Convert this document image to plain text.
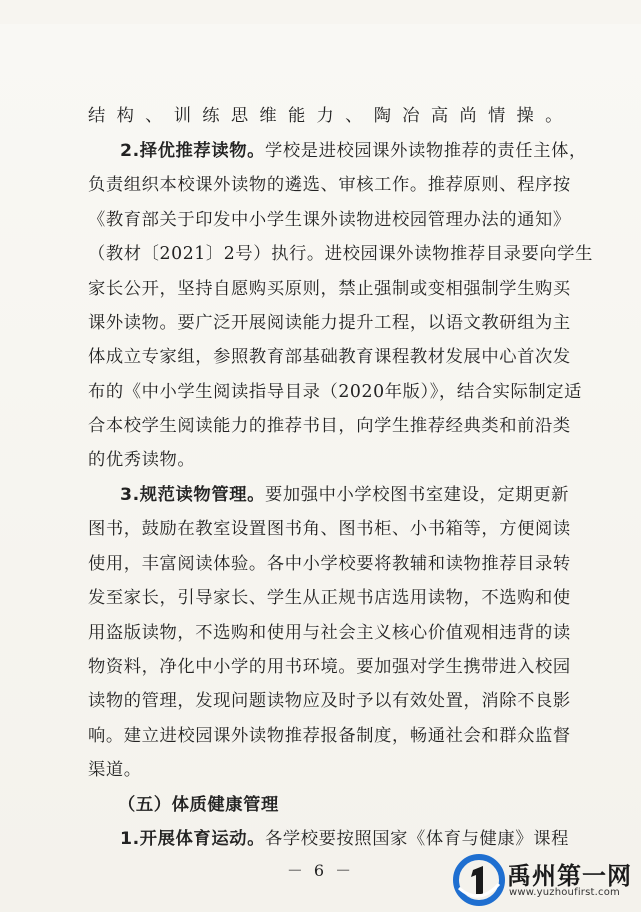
结构、训练思维能力、陶冶高尚情操。
2.择优推荐读物。学校是进校园课外读物推荐的责任主体，
负责组织本校课外读物的遴选、审核工作。推荐原则、程序按
《教育部关于印发中小学生课外读物进校园管理办法的通知》
（教材〔2021〕2号）执行。进校园课外读物推荐目录要向学生
家长公开，坚持自愿购买原则，禁止强制或变相强制学生购买
课外读物。要广泛开展阅读能力提升工程，以语文教研组为主
体成立专家组，参照教育部基础教育课程教材发展中心首次发
布的《中小学生阅读指导目录（2020年版）》，结合实际制定适
合本校学生阅读能力的推荐书目，向学生推荐经典类和前沿类
的优秀读物。
3.规范读物管理。要加强中小学校图书室建设，定期更新
图书，鼓励在教室设置图书角、图书柜、小书箱等，方便阅读
使用，丰富阅读体验。各中小学校要将教辅和读物推荐目录转
发至家长，引导家长、学生从正规书店选用读物，不选购和使
用盗版读物，不选购和使用与社会主义核心价值观相违背的读
物资料，净化中小学的用书环境。要加强对学生携带进入校园
读物的管理，发现问题读物应及时予以有效处置，消除不良影
响。建立进校园课外读物推荐报备制度，畅通社会和群众监督
渠道。
（五）体质健康管理
1.开展体育运动。各学校要按照国家《体育与健康》课程
－ 6 －	禹州第一网
www.yuzhoufirst.com
